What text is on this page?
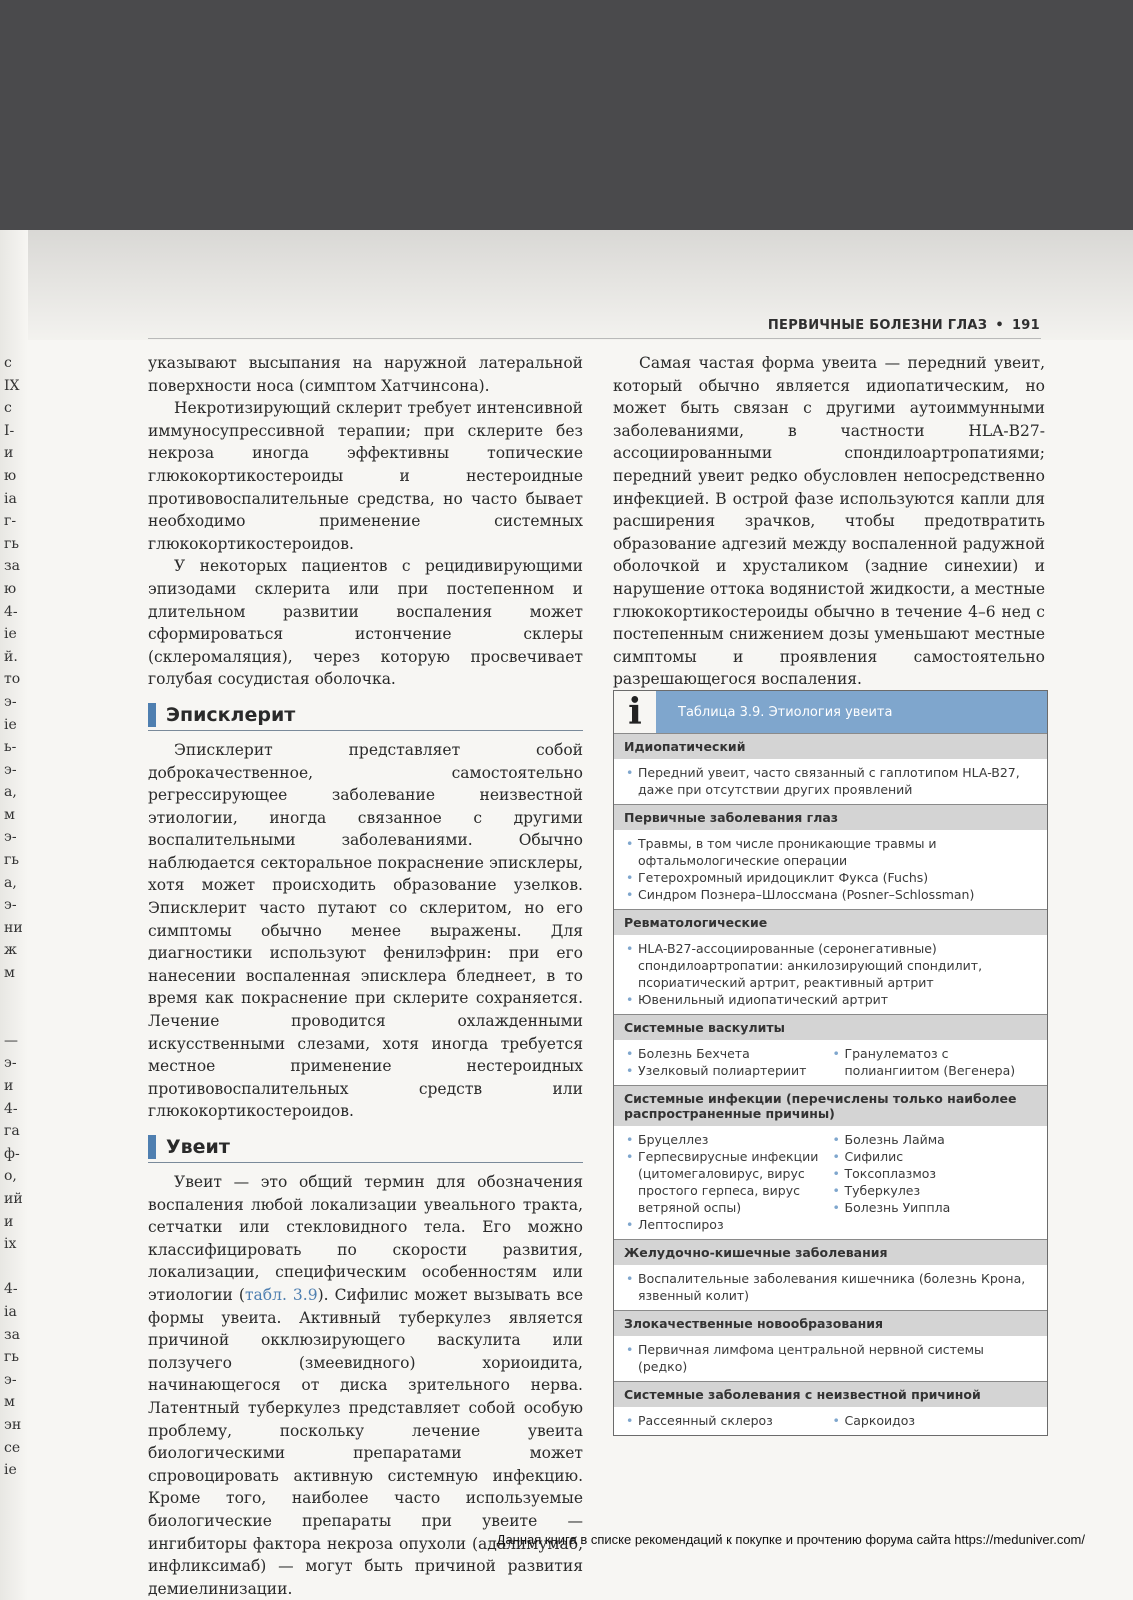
ПЕРВИЧНЫЕ БОЛЕЗНИ ГЛАЗ • 191
с
IX
с
I-
и
ю
ia
г-
гь
за
ю
4-
ie
й.
то
э-
ie
ь-
э-
а,
м
э-
гь
а,
э-
ни
ж
м
—
э-
и
4-
га
ф-
о,
ий
и
ix
4-
ia
за
гь
э-
м
эн
се
ie

указывают высыпания на наружной латеральной поверхности носа (симптом Хатчинсона).

Некротизирующий склерит требует интенсивной иммуносупрессивной терапии; при склерите без некроза иногда эффективны топические глюкокортикостероиды и нестероидные противовоспалительные средства, но часто бывает необходимо применение системных глюкокортикостероидов.

У некоторых пациентов с рецидивирующими эпизодами склерита или при постепенном и длительном развитии воспаления может сформироваться истончение склеры (склеромаляция), через которую просвечивает голубая сосудистая оболочка.

Эписклерит

Эписклерит представляет собой доброкачественное, самостоятельно регрессирующее заболевание неизвестной этиологии, иногда связанное с другими воспалительными заболеваниями. Обычно наблюдается секторальное покраснение эписклеры, хотя может происходить образование узелков. Эписклерит часто путают со склеритом, но его симптомы обычно менее выражены. Для диагностики используют фенилэфрин: при его нанесении воспаленная эписклера бледнеет, в то время как покраснение при склерите сохраняется. Лечение проводится охлажденными искусственными слезами, хотя иногда требуется местное применение нестероидных противовоспалительных средств или глюкокортикостероидов.

Увеит

Увеит — это общий термин для обозначения воспаления любой локализации увеального тракта, сетчатки или стекловидного тела. Его можно классифицировать по скорости развития, локализации, специфическим особенностям или этиологии (табл. 3.9). Сифилис может вызывать все формы увеита. Активный туберкулез является причиной окклюзирующего васкулита или ползучего (змеевидного) хориоидита, начинающегося от диска зрительного нерва. Латентный туберкулез представляет собой особую проблему, поскольку лечение увеита биологическими препаратами может спровоцировать активную системную инфекцию. Кроме того, наиболее часто используемые биологические препараты при увеите — ингибиторы фактора некроза опухоли (адалимумаб, инфликсимаб) — могут быть причиной развития демиелинизации.

Самая частая форма увеита — передний увеит, который обычно является идиопатическим, но может быть связан с другими аутоиммунными заболеваниями, в частности HLA-B27-ассоциированными спондилоартропатиями; передний увеит редко обусловлен непосредственно инфекцией. В острой фазе используются капли для расширения зрачков, чтобы предотвратить образование адгезий между воспаленной радужной оболочкой и хрусталиком (задние синехии) и нарушение оттока водянистой жидкости, а местные глюкокортикостероиды обычно в течение 4–6 нед с постепенным снижением дозы уменьшают местные симптомы и проявления самостоятельно разрешающегося воспаления.

i	Таблица 3.9. Этиология увеита
Идиопатический
• Передний увеит, часто связанный с гаплотипом HLA-B27, даже при отсутствии других проявлений
Первичные заболевания глаз
• Травмы, в том числе проникающие травмы и офтальмологические операции
• Гетерохромный иридоциклит Фукса (Fuchs)
• Синдром Познера–Шлоссмана (Posner–Schlossman)
Ревматологические
• HLA-B27-ассоциированные (серонегативные) спондилоартропатии: анкилозирующий спондилит, псориатический артрит, реактивный артрит
• Ювенильный идиопатический артрит
Системные васкулиты
• Болезнь Бехчета
• Узелковый полиартериит
• Гранулематоз с полиангиитом (Вегенера)
Системные инфекции (перечислены только наиболее распространенные причины)
• Бруцеллез
• Герпесвирусные инфекции (цитомегаловирус, вирус простого герпеса, вирус ветряной оспы)
• Лептоспироз
• Болезнь Лайма
• Сифилис
• Токсоплазмоз
• Туберкулез
• Болезнь Уиппла
Желудочно-кишечные заболевания
• Воспалительные заболевания кишечника (болезнь Крона, язвенный колит)
Злокачественные новообразования
• Первичная лимфома центральной нервной системы (редко)
Системные заболевания с неизвестной причиной
• Рассеянный склероз
•	Саркоидоз
Данная книга в списке рекомендаций к покупке и прочтению форума сайта https://meduniver.com/
